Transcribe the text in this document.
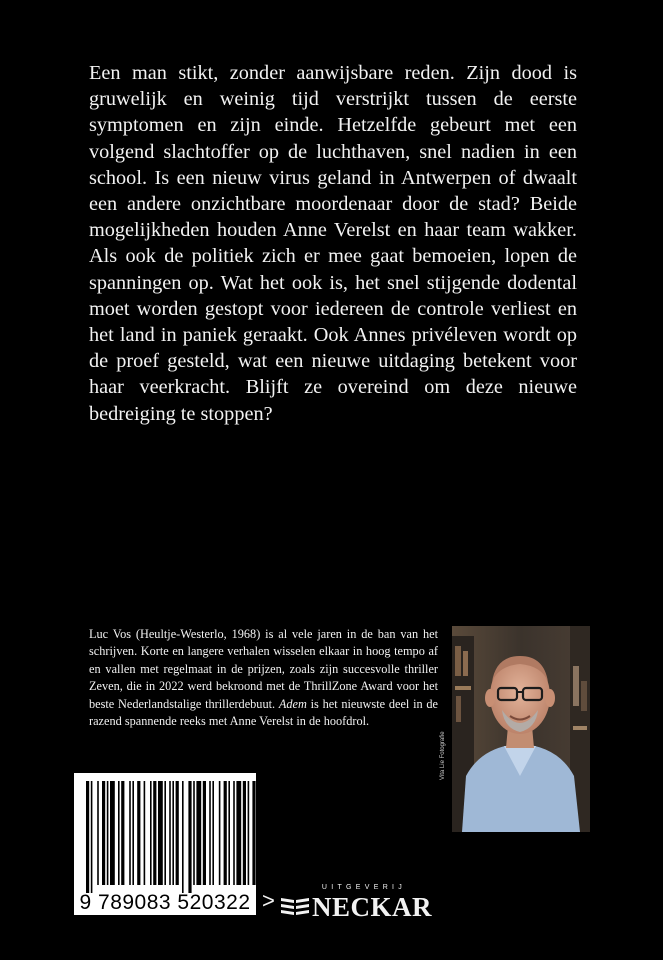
Een man stikt, zonder aanwijsbare reden. Zijn dood is gruwelijk en weinig tijd verstrijkt tussen de eerste symptomen en zijn einde. Hetzelfde gebeurt met een volgend slachtoffer op de luchthaven, snel nadien in een school. Is een nieuw virus geland in Antwerpen of dwaalt een andere onzichtbare moordenaar door de stad? Beide mogelijkheden houden Anne Verelst en haar team wakker. Als ook de politiek zich er mee gaat bemoeien, lopen de spanningen op. Wat het ook is, het snel stijgende dodental moet worden gestopt voor iedereen de controle verliest en het land in paniek geraakt. Ook Annes privéleven wordt op de proef gesteld, wat een nieuwe uitdaging betekent voor haar veerkracht. Blijft ze overeind om deze nieuwe bedreiging te stoppen?

Luc Vos (Heultje-Westerlo, 1968) is al vele jaren in de ban van het schrijven. Korte en langere verhalen wisselen elkaar in hoog tempo af en vallen met regelmaat in de prijzen, zoals zijn succesvolle thriller Zeven, die in 2022 werd bekroond met de ThrillZone Award voor het beste Nederlandstalige thrillerdebuut. Adem is het nieuwste deel in de razend spannende reeks met Anne Verelst in de hoofdrol.

Vita Lie Fotografie
9 789083 520322 >
UITGEVERIJ
NECKAR
